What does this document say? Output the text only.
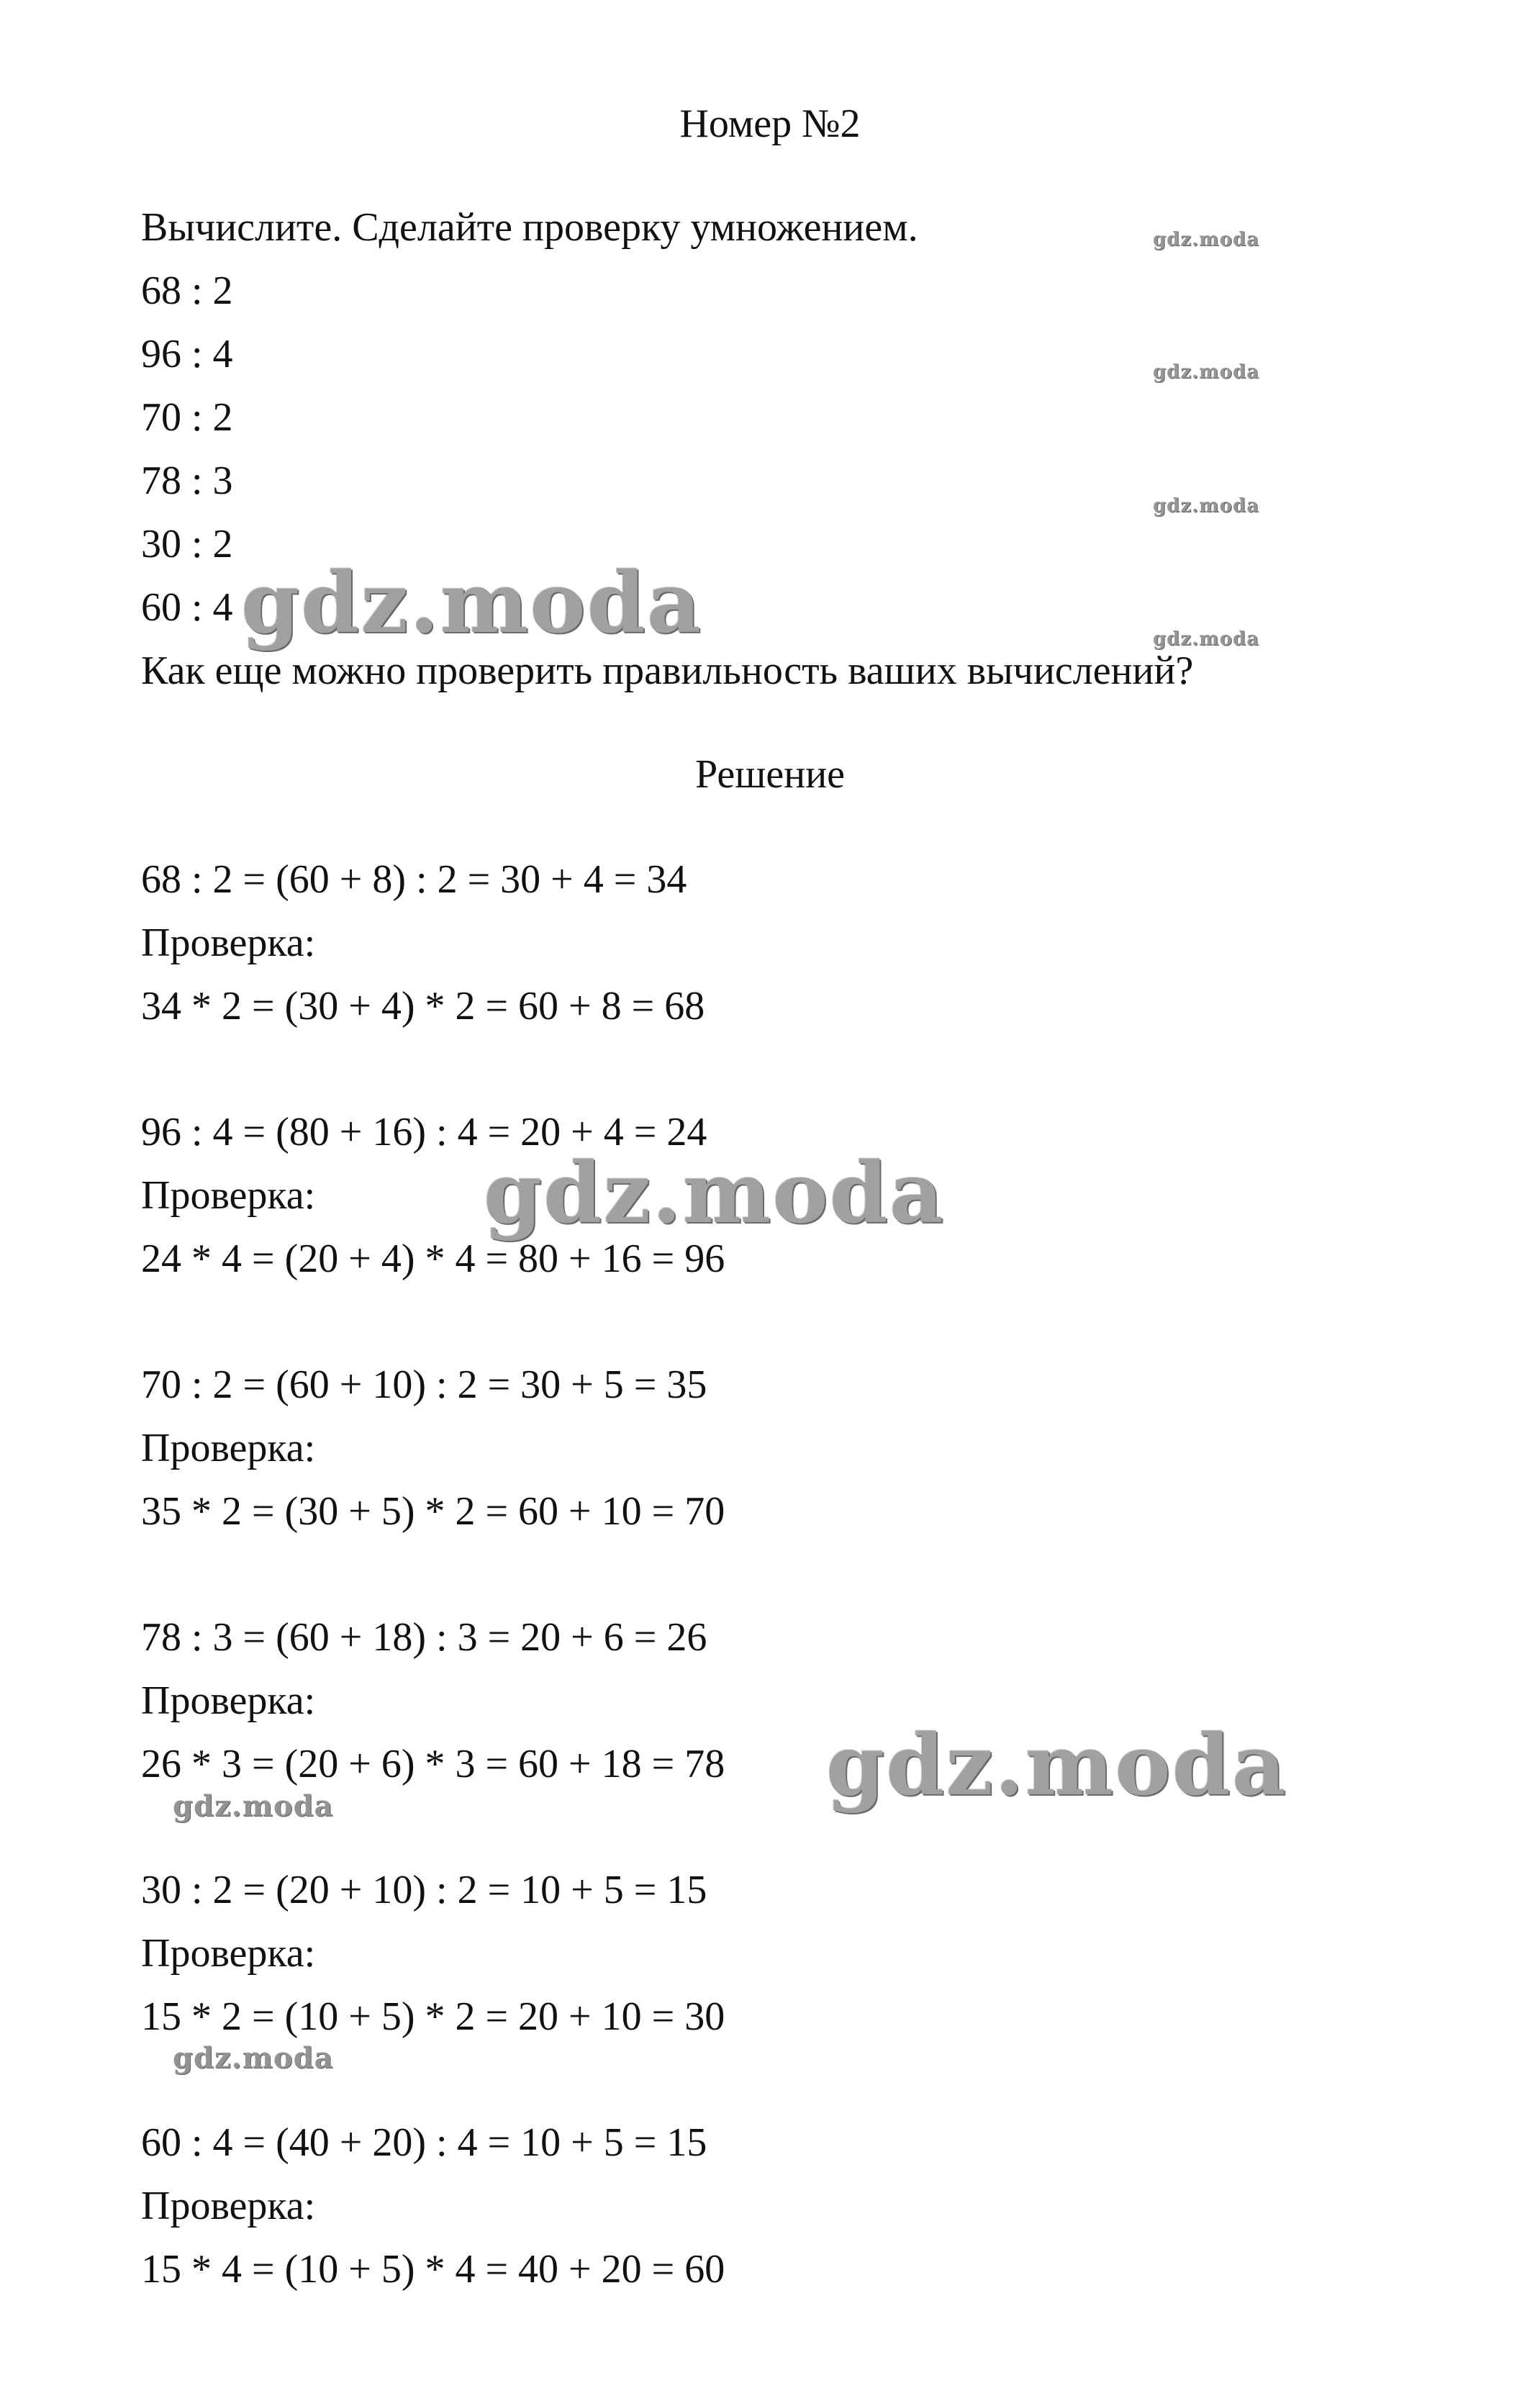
Номер №2
Вычислите. Сделайте проверку умножением.
68 : 2
96 : 4
70 : 2
78 : 3
30 : 2
60 : 4
Как еще можно проверить правильность ваших вычислений?
Решение
68 : 2 = (60 + 8) : 2 = 30 + 4 = 34
Проверка:
34 * 2 = (30 + 4) * 2 = 60 + 8 = 68
96 : 4 = (80 + 16) : 4 = 20 + 4 = 24
Проверка:
24 * 4 = (20 + 4) * 4 = 80 + 16 = 96
70 : 2 = (60 + 10) : 2 = 30 + 5 = 35
Проверка:
35 * 2 = (30 + 5) * 2 = 60 + 10 = 70
78 : 3 = (60 + 18) : 3 = 20 + 6 = 26
Проверка:
26 * 3 = (20 + 6) * 3 = 60 + 18 = 78
30 : 2 = (20 + 10) : 2 = 10 + 5 = 15
Проверка:
15 * 2 = (10 + 5) * 2 = 20 + 10 = 30
60 : 4 = (40 + 20) : 4 = 10 + 5 = 15
Проверка:
15 * 4 = (10 + 5) * 4 = 40 + 20 = 60
gdz.moda
gdz.moda
gdz.moda
gdz.moda
gdz.moda
gdz.moda
gdz.moda
gdz.moda
gdz.moda
